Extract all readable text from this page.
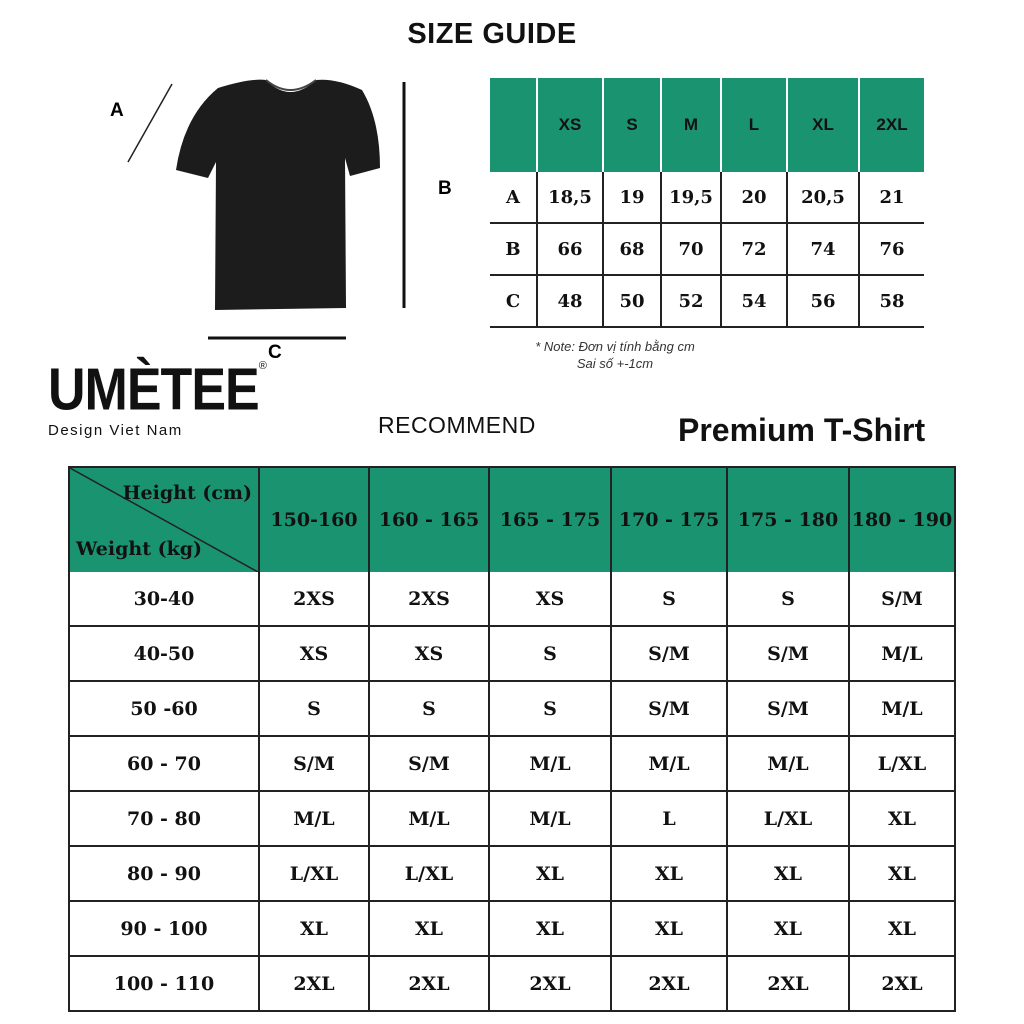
SIZE GUIDE
A
B
C
	XS	S	M	L	XL	2XL
A	18,5	19	19,5	20	20,5	21
B	66	68	70	72	74	76
C	48	50	52	54	56	58
* Note: Đơn vị tính bằng cm
Sai số +-1cm
UMÈTEE®
Design Viet Nam	RECOMMEND	Premium T-Shirt
Height (cm)
Weight (kg)	150-160	160 - 165	165 - 175	170 - 175	175 - 180	180 - 190
30-40	2XS	2XS	XS	S	S	S/M
40-50	XS	XS	S	S/M	S/M	M/L
50 -60	S	S	S	S/M	S/M	M/L
60 - 70	S/M	S/M	M/L	M/L	M/L	L/XL
70 - 80	M/L	M/L	M/L	L	L/XL	XL
80 - 90	L/XL	L/XL	XL	XL	XL	XL
90 - 100	XL	XL	XL	XL	XL	XL
100 - 110	2XL	2XL	2XL	2XL	2XL	2XL
